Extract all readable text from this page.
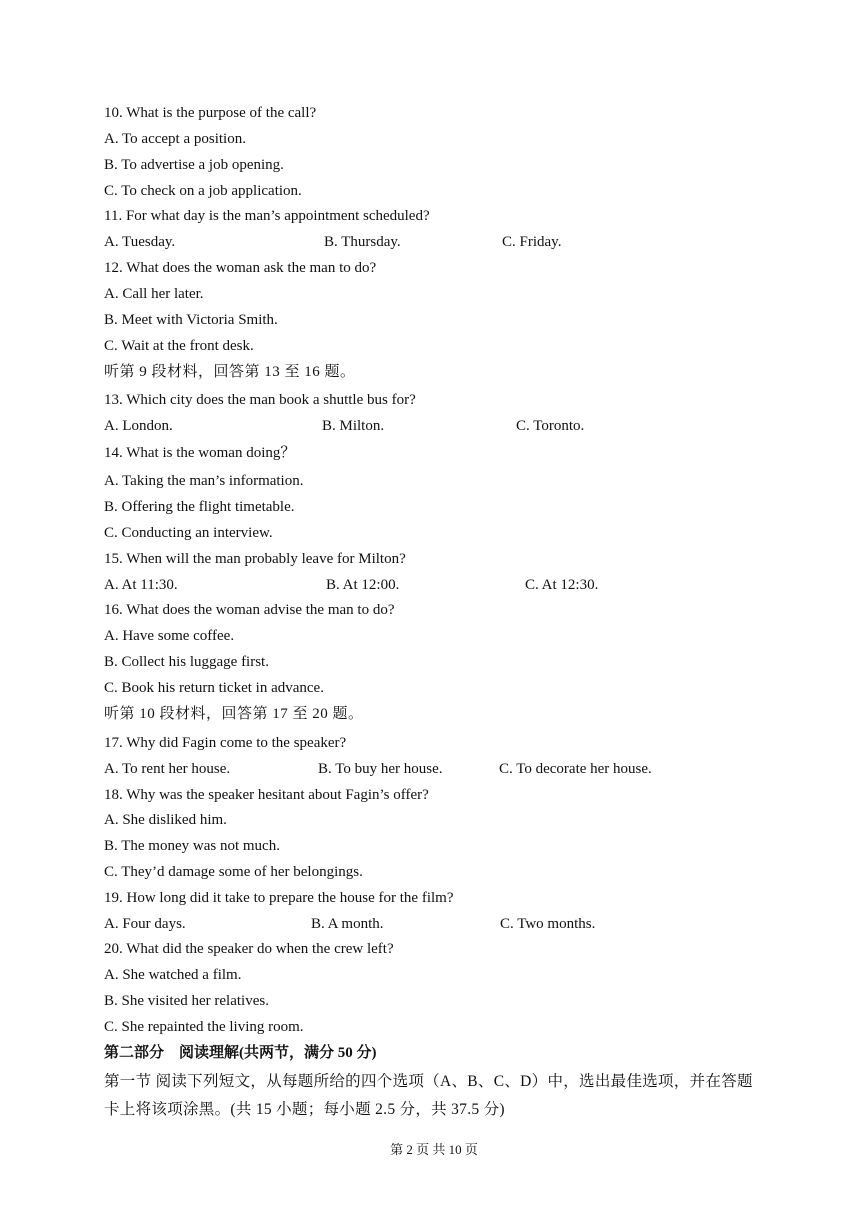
10. What is the purpose of the call?
A. To accept a position.
B. To advertise a job opening.
C. To check on a job application.
11. For what day is the man’s appointment scheduled?
A. Tuesday.	B. Thursday.	C. Friday.
12. What does the woman ask the man to do?
A. Call her later.
B. Meet with Victoria Smith.
C. Wait at the front desk.
听第 9 段材料，回答第 13 至 16 题。
13. Which city does the man book a shuttle bus for?
A. London.	B. Milton.	C. Toronto.
14. What is the woman doing？
A. Taking the man’s information.
B. Offering the flight timetable.
C. Conducting an interview.
15. When will the man probably leave for Milton?
A. At 11:30.	B. At 12:00.	C. At 12:30.
16. What does the woman advise the man to do?
A. Have some coffee.
B. Collect his luggage first.
C. Book his return ticket in advance.
听第 10 段材料，回答第 17 至 20 题。
17. Why did Fagin come to the speaker?
A. To rent her house.	B. To buy her house.	C. To decorate her house.
18. Why was the speaker hesitant about Fagin’s offer?
A. She disliked him.
B. The money was not much.
C. They’d damage some of her belongings.
19. How long did it take to prepare the house for the film?
A. Four days.	B. A month.	C. Two months.
20. What did the speaker do when the crew left?
A. She watched a film.
B. She visited her relatives.
C. She repainted the living room.
第二部分　阅读理解(共两节，满分 50 分)
第一节 阅读下列短文，从每题所给的四个选项（A、B、C、D）中，选出最佳选项，并在答题
卡上将该项涂黑。(共 15 小题；每小题 2.5 分，共 37.5 分)
第 2 页 共 10 页
